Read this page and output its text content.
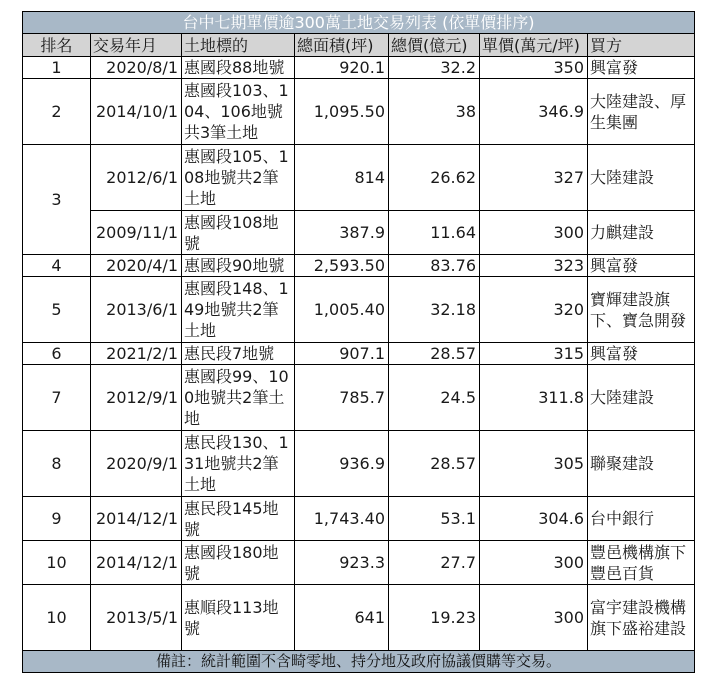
台中七期單價逾300萬土地交易列表 (依單價排序)						
排名	交易年月	土地標的	總面積(坪)	總價(億元)	單價(萬元/坪)	買方
1	2020/8/1	惠國段88地號	920.1	32.2	350	興富發
2	2014/10/1	惠國段103、104、106地號共3筆土地	1,095.50	38	346.9	大陸建設、厚生集團
3	2012/6/1	惠國段105、108地號共2筆土地	814	26.62	327	大陸建設
	2009/11/1	惠國段108地號	387.9	11.64	300	力麒建設
4	2020/4/1	惠國段90地號	2,593.50	83.76	323	興富發
5	2013/6/1	惠國段148、149地號共2筆土地	1,005.40	32.18	320	寶輝建設旗下、寶急開發
6	2021/2/1	惠民段7地號	907.1	28.57	315	興富發
7	2012/9/1	惠國段99、100地號共2筆土地	785.7	24.5	311.8	大陸建設
8	2020/9/1	惠民段130、131地號共2筆土地	936.9	28.57	305	聯聚建設
9	2014/12/1	惠民段145地號	1,743.40	53.1	304.6	台中銀行
10	2014/12/1	惠國段180地號	923.3	27.7	300	豐邑機構旗下豐邑百貨
10	2013/5/1	惠順段113地號	641	19.23	300	富宇建設機構旗下盛裕建設
備註：統計範圍不含畸零地、持分地及政府協議價購等交易。						
